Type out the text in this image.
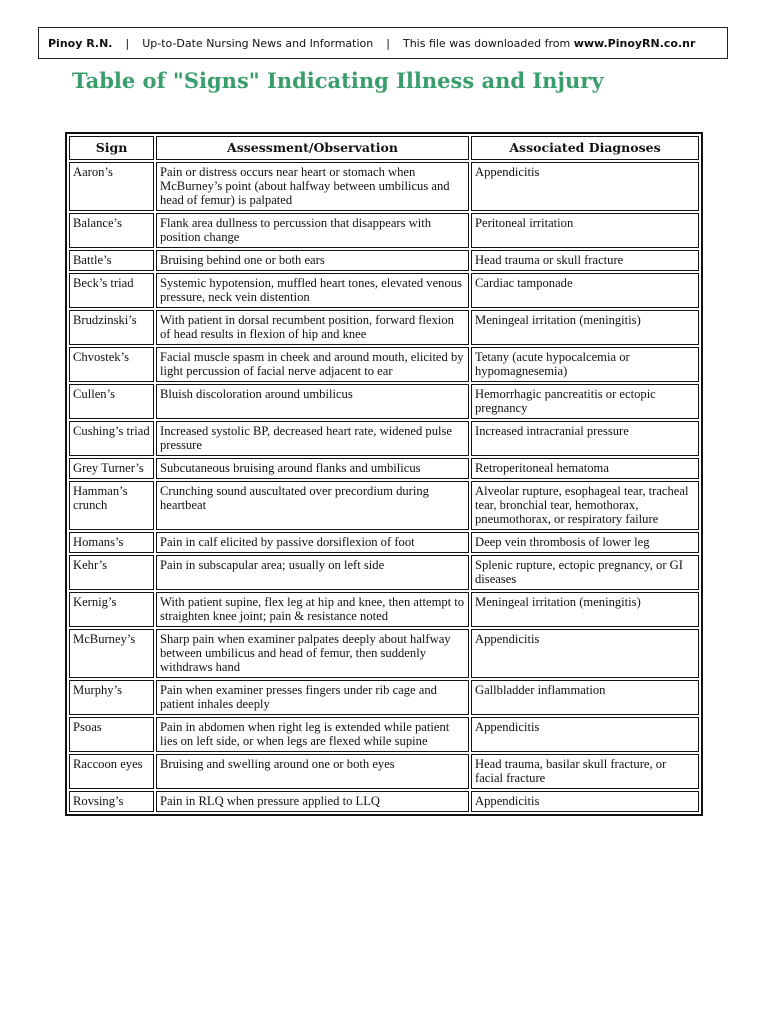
Pinoy R.N. | Up-to-Date Nursing News and Information | This file was downloaded from
www.PinoyRN.co.nr
Table of "Signs" Indicating Illness and Injury
Sign	Assessment/Observation	Associated Diagnoses
Aaron’s	Pain or distress occurs near heart or stomach when McBurney’s point (about halfway between umbilicus and head of femur) is palpated	Appendicitis
Balance’s	Flank area dullness to percussion that disappears with position change	Peritoneal irritation
Battle’s	Bruising behind one or both ears	Head trauma or skull fracture
Beck’s triad	Systemic hypotension, muffled heart tones, elevated venous pressure, neck vein distention	Cardiac tamponade
Brudzinski’s	With patient in dorsal recumbent position, forward flexion of head results in flexion of hip and knee	Meningeal irritation (meningitis)
Chvostek’s	Facial muscle spasm in cheek and around mouth, elicited by light percussion of facial nerve adjacent to ear	Tetany (acute hypocalcemia or hypomagnesemia)
Cullen’s	Bluish discoloration around umbilicus	Hemorrhagic pancreatitis or ectopic pregnancy
Cushing’s triad	Increased systolic BP, decreased heart rate, widened pulse pressure	Increased intracranial pressure
Grey Turner’s	Subcutaneous bruising around flanks and umbilicus	Retroperitoneal hematoma
Hamman’s crunch	Crunching sound auscultated over precordium during heartbeat	Alveolar rupture, esophageal tear, tracheal tear, bronchial tear, hemothorax, pneumothorax, or respiratory failure
Homans’s	Pain in calf elicited by passive dorsiflexion of foot	Deep vein thrombosis of lower leg
Kehr’s	Pain in subscapular area; usually on left side	Splenic rupture, ectopic pregnancy, or GI diseases
Kernig’s	With patient supine, flex leg at hip and knee, then attempt to straighten knee joint; pain & resistance noted	Meningeal irritation (meningitis)
McBurney’s	Sharp pain when examiner palpates deeply about halfway between umbilicus and head of femur, then suddenly withdraws hand	Appendicitis
Murphy’s	Pain when examiner presses fingers under rib cage and patient inhales deeply	Gallbladder inflammation
Psoas	Pain in abdomen when right leg is extended while patient lies on left side, or when legs are flexed while supine	Appendicitis
Raccoon eyes	Bruising and swelling around one or both eyes	Head trauma, basilar skull fracture, or facial fracture
Rovsing’s	Pain in RLQ when pressure applied to LLQ	Appendicitis
